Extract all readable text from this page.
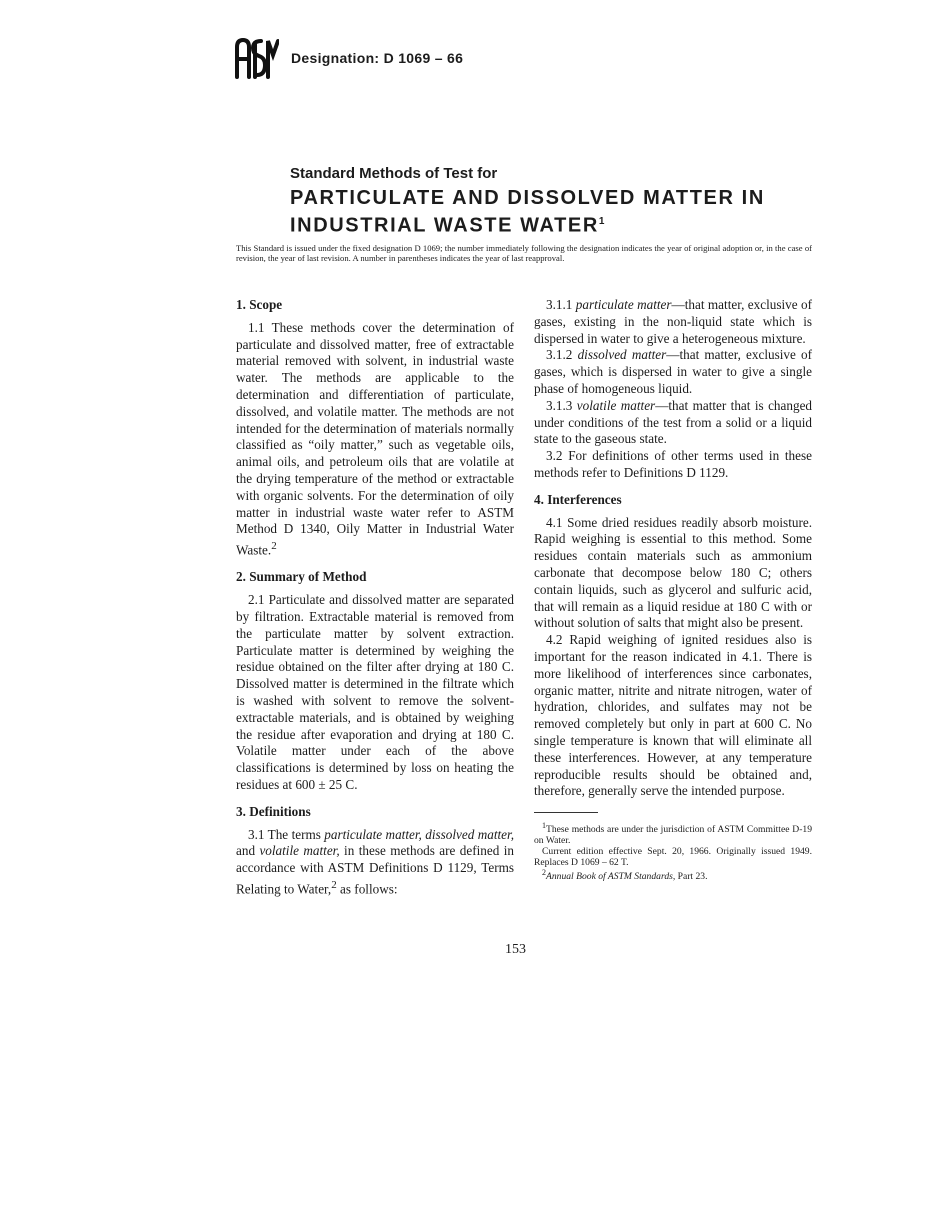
Designation: D 1069 – 66
Standard Methods of Test for
PARTICULATE AND DISSOLVED MATTER IN
INDUSTRIAL WASTE WATER$^1$
This Standard is issued under the fixed designation D 1069; the number immediately following the designation indicates the year of original adoption or, in the case of revision, the year of last revision. A number in parentheses indicates the year of last reapproval.
1. Scope

1.1 These methods cover the determination of particulate and dissolved matter, free of extractable material removed with solvent, in industrial waste water. The methods are applicable to the determination and differentiation of particulate, dissolved, and volatile matter. The methods are not intended for the determination of materials normally classified as “oily matter,” such as vegetable oils, animal oils, and petroleum oils that are volatile at the drying temperature of the method or extractable with organic solvents. For the determination of oily matter in industrial waste water refer to ASTM Method D 1340, Oily Matter in Industrial Water Waste.$^2$

2. Summary of Method

2.1 Particulate and dissolved matter are separated by filtration. Extractable material is removed from the particulate matter by solvent extraction. Particulate matter is determined by weighing the residue obtained on the filter after drying at 180 C. Dissolved matter is determined in the filtrate which is washed with solvent to remove the solvent-extractable materials, and is obtained by weighing the residue after evaporation and drying at 180 C. Volatile matter under each of the above classifications is determined by loss on heating the residues at 600 ± 25 C.

3. Definitions

3.1 The terms particulate matter, dissolved matter, and volatile matter, in these methods are defined in accordance with ASTM Definitions D 1129, Terms Relating to Water,$^2$ as follows:

3.1.1 particulate matter—that matter, exclusive of gases, existing in the non-liquid state which is dispersed in water to give a heterogeneous mixture.

3.1.2 dissolved matter—that matter, exclusive of gases, which is dispersed in water to give a single phase of homogeneous liquid.

3.1.3 volatile matter—that matter that is changed under conditions of the test from a solid or a liquid state to the gaseous state.

3.2 For definitions of other terms used in these methods refer to Definitions D 1129.

4. Interferences

4.1 Some dried residues readily absorb moisture. Rapid weighing is essential to this method. Some residues contain materials such as ammonium carbonate that decompose below 180 C; others contain liquids, such as glycerol and sulfuric acid, that will remain as a liquid residue at 180 C with or without solution of salts that might also be present.

4.2 Rapid weighing of ignited residues also is important for the reason indicated in 4.1. There is more likelihood of interferences since carbonates, organic matter, nitrite and nitrate nitrogen, water of hydration, chlorides, and sulfates may not be removed completely but only in part at 600 C. No single temperature is known that will eliminate all these interferences. However, at any temperature reproducible results should be obtained and, therefore, generally serve the intended purpose.

$^1$These methods are under the jurisdiction of ASTM Committee D-19 on Water.

Current edition effective Sept. 20, 1966. Originally issued 1949. Replaces D 1069 – 62 T.

$^2$Annual Book of ASTM Standards, Part 23.

153
